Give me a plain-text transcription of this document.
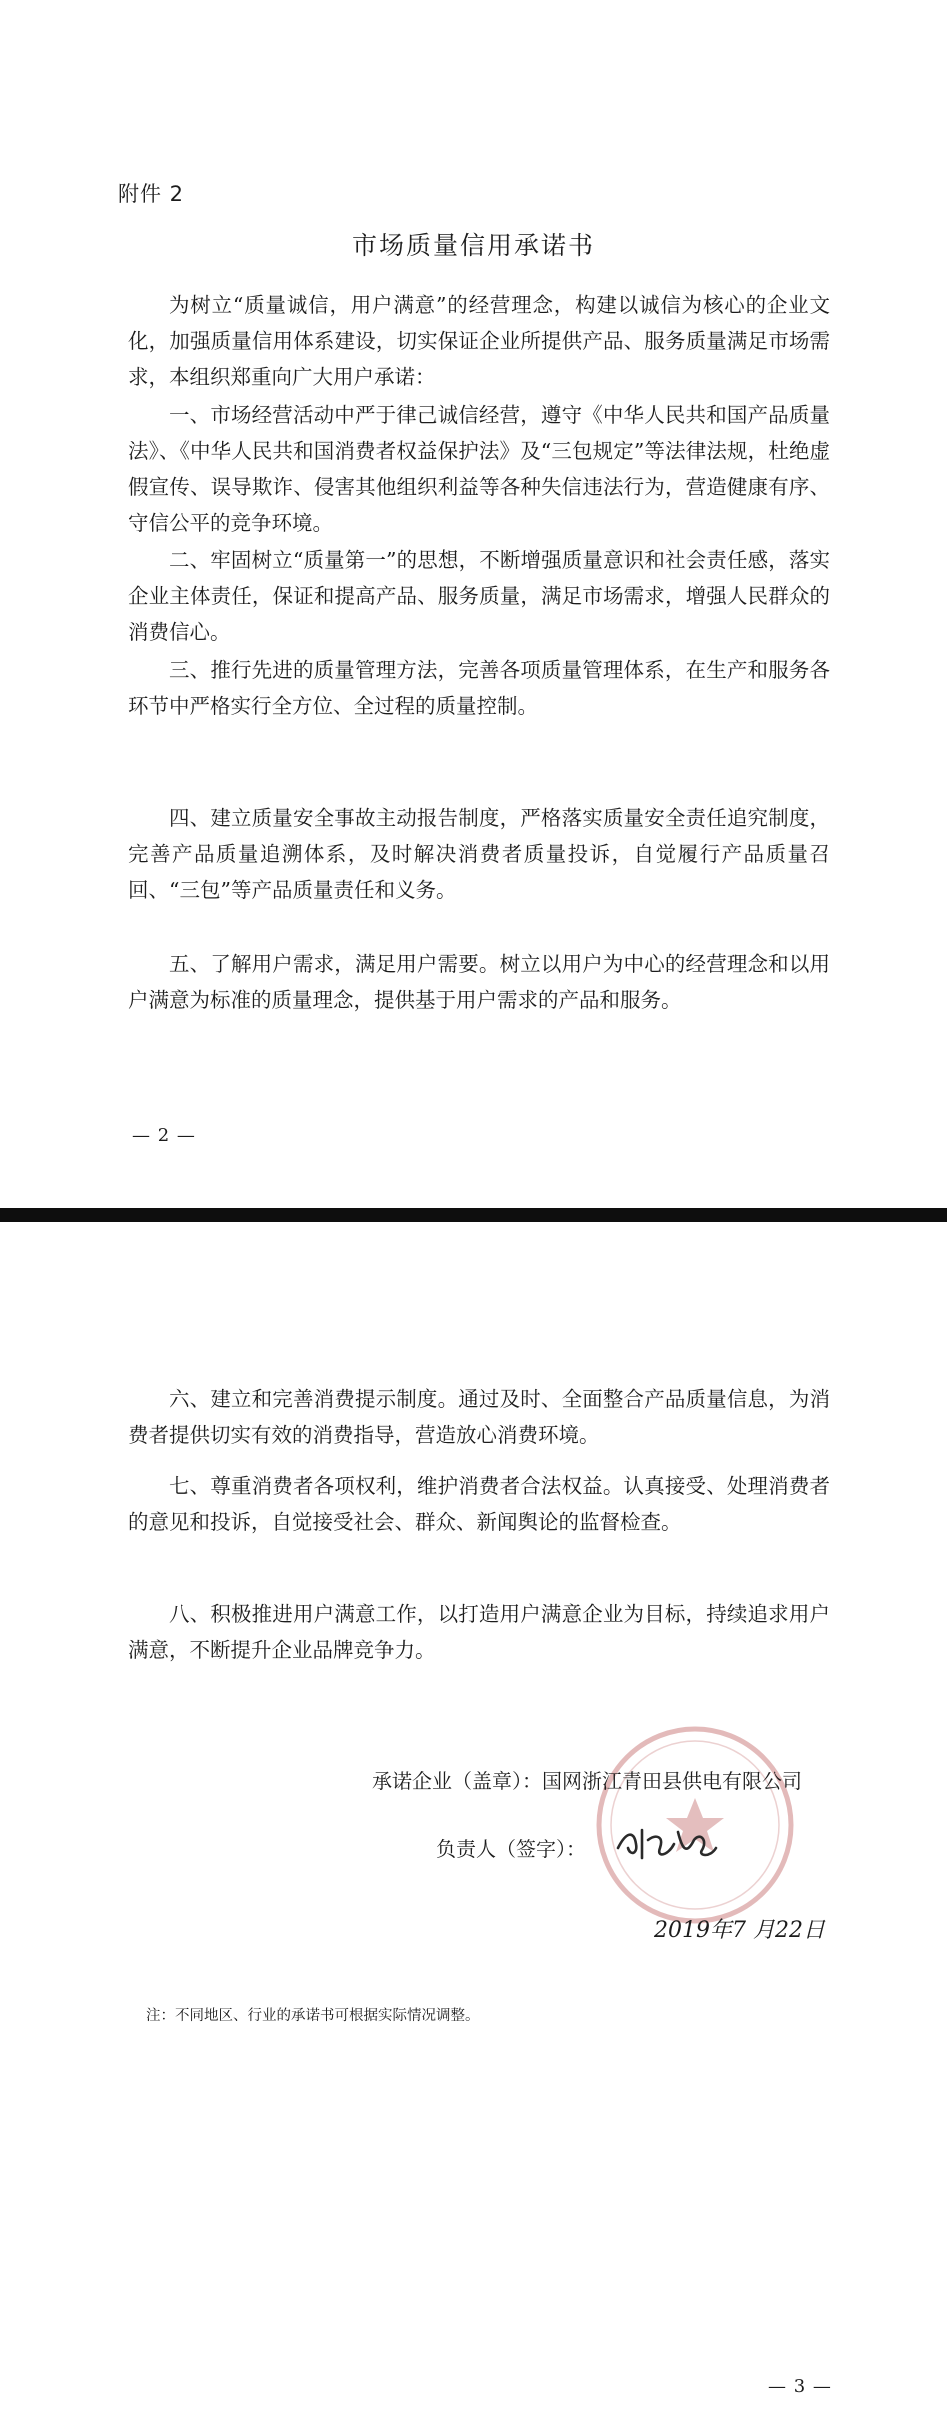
附件 2
市场质量信用承诺书

为树立“质量诚信，用户满意”的经营理念，构建以诚信为核心的企业文化，加强质量信用体系建设，切实保证企业所提供产品、服务质量满足市场需求，本组织郑重向广大用户承诺：

一、市场经营活动中严于律己诚信经营，遵守《中华人民共和国产品质量法》、《中华人民共和国消费者权益保护法》及“三包规定”等法律法规，杜绝虚假宣传、误导欺诈、侵害其他组织利益等各种失信违法行为，营造健康有序、守信公平的竞争环境。

二、牢固树立“质量第一”的思想，不断增强质量意识和社会责任感，落实企业主体责任，保证和提高产品、服务质量，满足市场需求，增强人民群众的消费信心。

三、推行先进的质量管理方法，完善各项质量管理体系，在生产和服务各环节中严格实行全方位、全过程的质量控制。

四、建立质量安全事故主动报告制度，严格落实质量安全责任追究制度，完善产品质量追溯体系，及时解决消费者质量投诉，自觉履行产品质量召回、“三包”等产品质量责任和义务。

五、了解用户需求，满足用户需要。树立以用户为中心的经营理念和以用户满意为标准的质量理念，提供基于用户需求的产品和服务。

— 2 —

六、建立和完善消费提示制度。通过及时、全面整合产品质量信息，为消费者提供切实有效的消费指导，营造放心消费环境。

七、尊重消费者各项权利，维护消费者合法权益。认真接受、处理消费者的意见和投诉，自觉接受社会、群众、新闻舆论的监督检查。

八、积极推进用户满意工作，以打造用户满意企业为目标，持续追求用户满意，不断提升企业品牌竞争力。

承诺企业（盖章）：国网浙江青田县供电有限公司
负责人（签字）：
2019年7 月22日
注：不同地区、行业的承诺书可根据实际情况调整。
— 3 —
